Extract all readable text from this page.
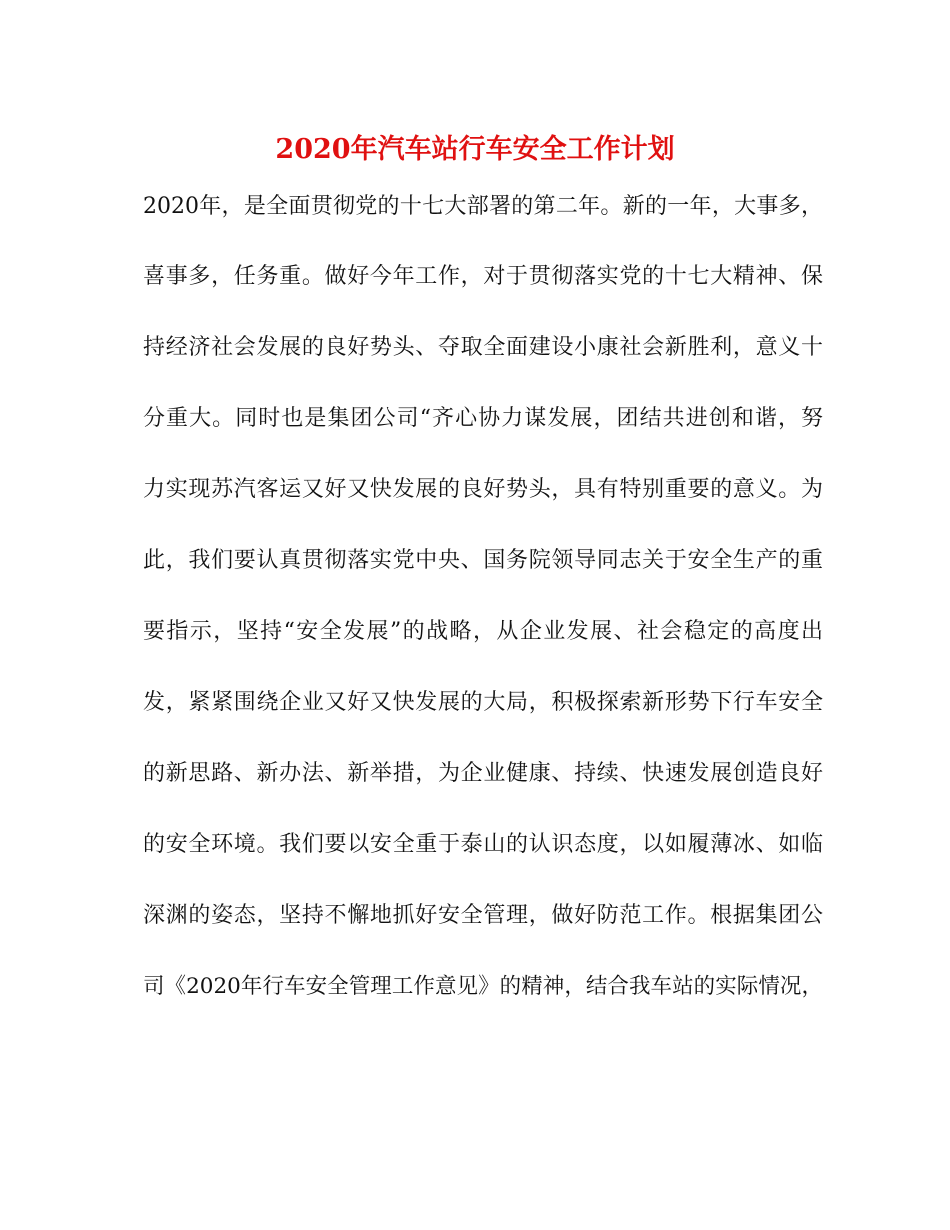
2020年汽车站行车安全工作计划
2020年，是全面贯彻党的十七大部署的第二年。新的一年，大事多，
喜事多，任务重。做好今年工作，对于贯彻落实党的十七大精神、保
持经济社会发展的良好势头、夺取全面建设小康社会新胜利，意义十
分重大。同时也是集团公司“齐心协力谋发展，团结共进创和谐，努
力实现苏汽客运又好又快发展的良好势头，具有特别重要的意义。为
此，我们要认真贯彻落实党中央、国务院领导同志关于安全生产的重
要指示，坚持“安全发展”的战略，从企业发展、社会稳定的高度出
发，紧紧围绕企业又好又快发展的大局，积极探索新形势下行车安全
的新思路、新办法、新举措，为企业健康、持续、快速发展创造良好
的安全环境。我们要以安全重于泰山的认识态度，以如履薄冰、如临
深渊的姿态，坚持不懈地抓好安全管理，做好防范工作。根据集团公
司《2020年行车安全管理工作意见》的精神，结合我车站的实际情况，
